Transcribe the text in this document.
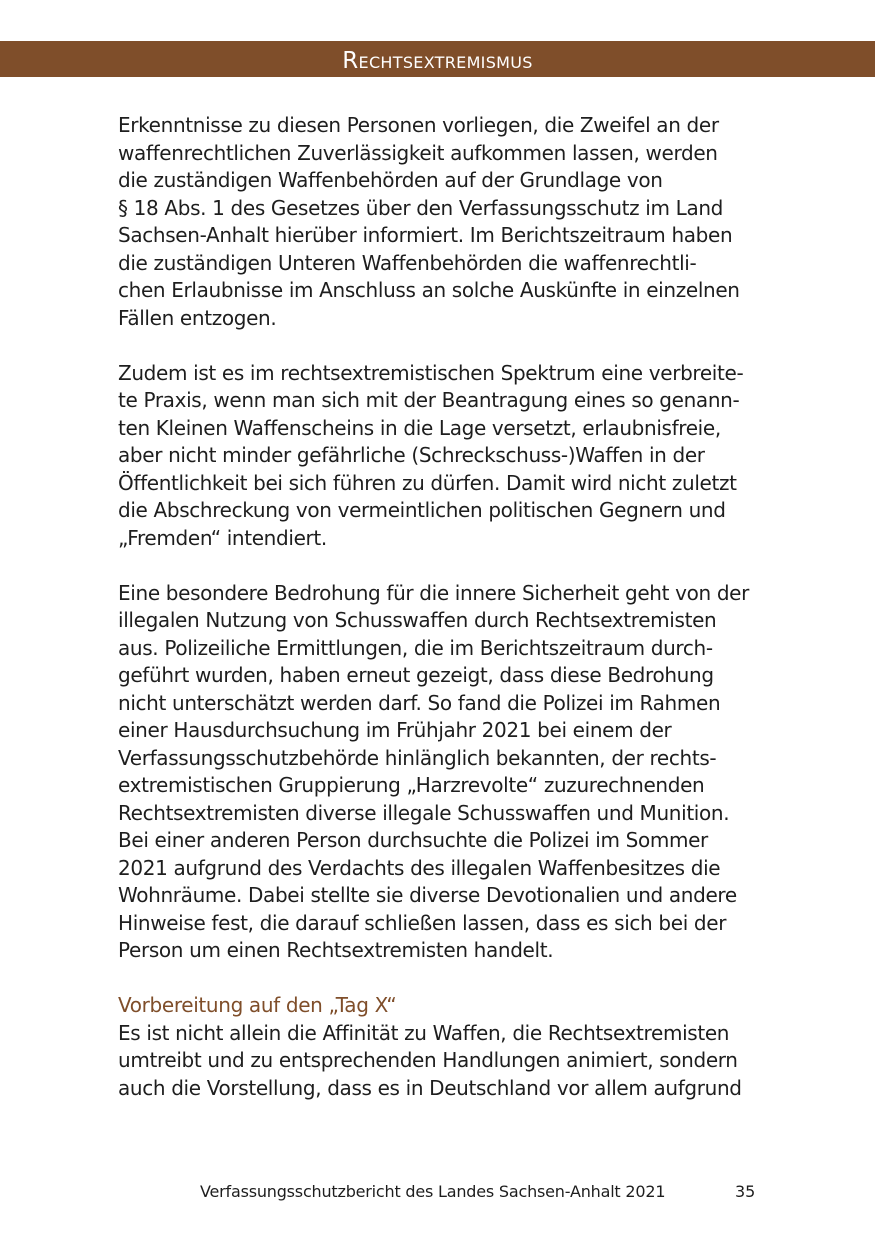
Rechtsextremismus

Erkenntnisse zu diesen Personen vorliegen, die Zweifel an der
waffenrechtlichen Zuverlässigkeit aufkommen lassen, werden
die zuständigen Waffenbehörden auf der Grundlage von
§ 18 Abs. 1 des Gesetzes über den Verfassungsschutz im Land
Sachsen-Anhalt hierüber informiert. Im Berichtszeitraum haben
die zuständigen Unteren Waffenbehörden die waffenrechtli-
chen Erlaubnisse im Anschluss an solche Auskünfte in einzelnen
Fällen entzogen.

Zudem ist es im rechtsextremistischen Spektrum eine verbreite-
te Praxis, wenn man sich mit der Beantragung eines so genann-
ten Kleinen Waffenscheins in die Lage versetzt, erlaubnisfreie,
aber nicht minder gefährliche (Schreckschuss-)Waffen in der
Öffentlichkeit bei sich führen zu dürfen. Damit wird nicht zuletzt
die Abschreckung von vermeintlichen politischen Gegnern und
„Fremden“ intendiert.

Eine besondere Bedrohung für die innere Sicherheit geht von der
illegalen Nutzung von Schusswaffen durch Rechtsextremisten
aus. Polizeiliche Ermittlungen, die im Berichtszeitraum durch-
geführt wurden, haben erneut gezeigt, dass diese Bedrohung
nicht unterschätzt werden darf. So fand die Polizei im Rahmen
einer Hausdurchsuchung im Frühjahr 2021 bei einem der
Verfassungsschutzbehörde hinlänglich bekannten, der rechts-
extremistischen Gruppierung „Harzrevolte“ zuzurechnenden
Rechtsextremisten diverse illegale Schusswaffen und Munition.
Bei einer anderen Person durchsuchte die Polizei im Sommer
2021 aufgrund des Verdachts des illegalen Waffenbesitzes die
Wohnräume. Dabei stellte sie diverse Devotionalien und andere
Hinweise fest, die darauf schließen lassen, dass es sich bei der
Person um einen Rechtsextremisten handelt.

Vorbereitung auf den „Tag X“
Es ist nicht allein die Affinität zu Waffen, die Rechtsextremisten
umtreibt und zu entsprechenden Handlungen animiert, sondern
auch die Vorstellung, dass es in Deutschland vor allem aufgrund

Verfassungsschutzbericht des Landes Sachsen-Anhalt 2021	35
